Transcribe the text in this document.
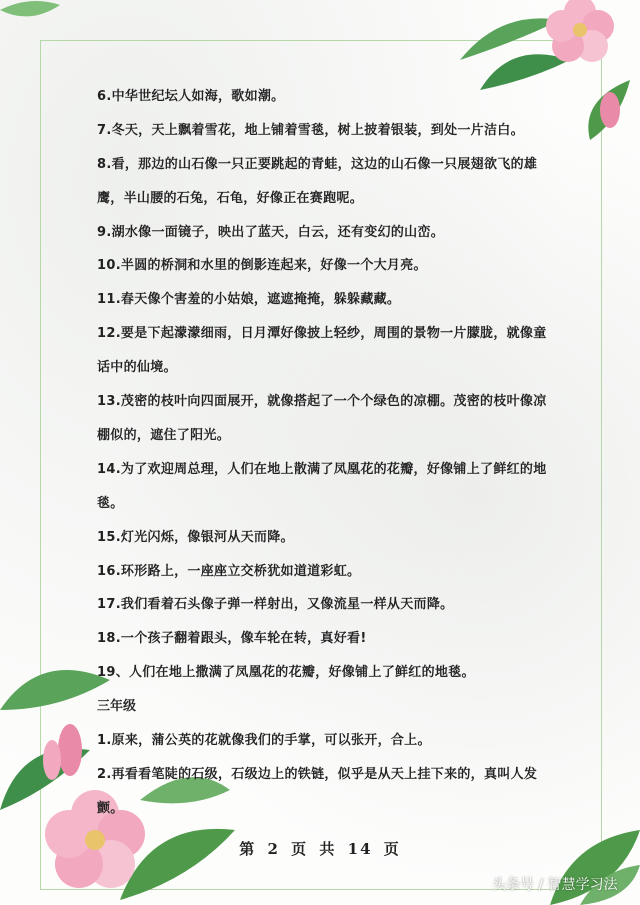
6.中华世纪坛人如海，歌如潮。
7.冬天，天上飘着雪花，地上铺着雪毯，树上披着银装，到处一片洁白。
8.看，那边的山石像一只正要跳起的青蛙，这边的山石像一只展翅欲飞的雄鹰，半山腰的石兔，石龟，好像正在赛跑呢。
9.湖水像一面镜子，映出了蓝天，白云，还有变幻的山峦。
10.半圆的桥洞和水里的倒影连起来，好像一个大月亮。
11.春天像个害羞的小姑娘，遮遮掩掩，躲躲藏藏。
12.要是下起濛濛细雨，日月潭好像披上轻纱，周围的景物一片朦胧，就像童话中的仙境。
13.茂密的枝叶向四面展开，就像搭起了一个个绿色的凉棚。茂密的枝叶像凉棚似的，遮住了阳光。
14.为了欢迎周总理，人们在地上散满了凤凰花的花瓣，好像铺上了鲜红的地毯。
15.灯光闪烁，像银河从天而降。
16.环形路上，一座座立交桥犹如道道彩虹。
17.我们看着石头像子弹一样射出，又像流星一样从天而降。
18.一个孩子翻着跟头，像车轮在转，真好看!
19、人们在地上撒满了凤凰花的花瓣，好像铺上了鲜红的地毯。
三年级
1.原来，蒲公英的花就像我们的手掌，可以张开，合上。
2.再看看笔陡的石级，石级边上的铁链，似乎是从天上挂下来的，真叫人发颤。
第 2 页 共 14 页
头条号 / 智慧学习法
